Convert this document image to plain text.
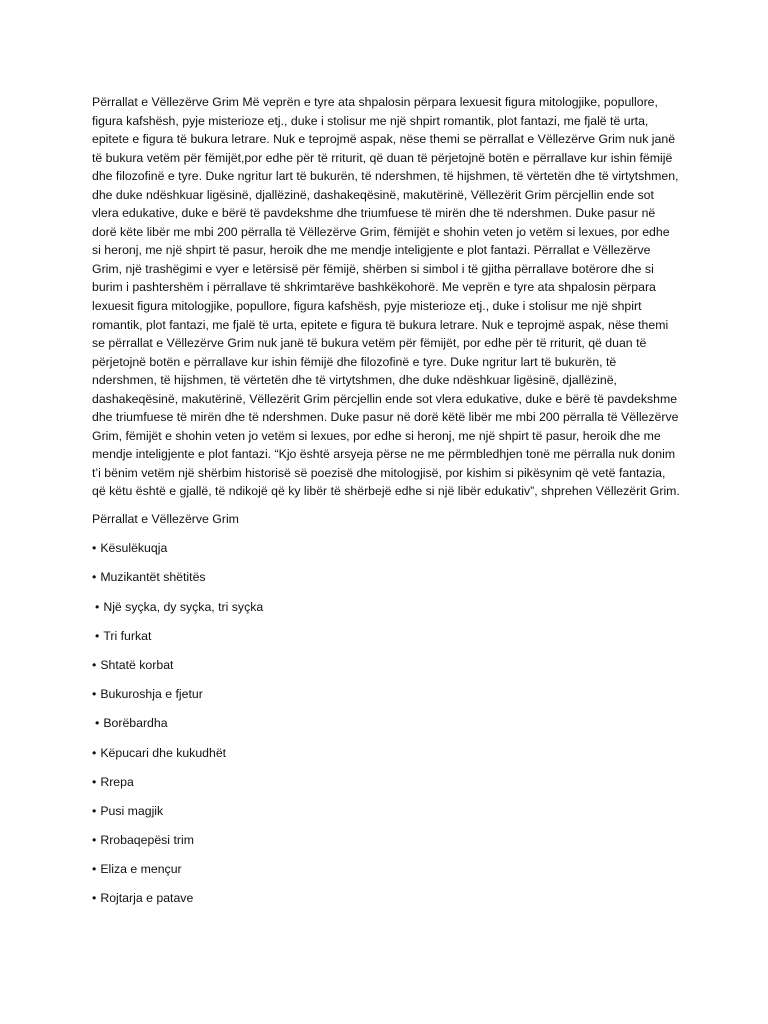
Përrallat e Vëllezërve Grim Më veprën e tyre ata shpalosin përpara lexuesit figura mitologjike, popullore, figura kafshësh, pyje misterioze etj., duke i stolisur me një shpirt romantik, plot fantazi, me fjalë të urta, epitete e figura të bukura letrare. Nuk e teprojmë aspak, nëse themi se përrallat e Vëllezërve Grim nuk janë të bukura vetëm për fëmijët,por edhe për të rriturit, që duan të përjetojnë botën e përrallave kur ishin fëmijë dhe filozofinë e tyre. Duke ngritur lart të bukurën, të ndershmen, të hijshmen, të vërtetën dhe të virtytshmen, dhe duke ndëshkuar ligësinë, djallëzinë, dashakeqësinë, makutërinë, Vëllezërit Grim përcjellin ende sot vlera edukative, duke e bërë të pavdekshme dhe triumfuese të mirën dhe të ndershmen. Duke pasur në dorë këte libër me mbi 200 përralla të Vëllezërve Grim, fëmijët e shohin veten jo vetëm si lexues, por edhe si heronj, me një shpirt të pasur, heroik dhe me mendje inteligjente e plot fantazi. Përrallat e Vëllezërve Grim, një trashëgimi e vyer e letërsisë për fëmijë, shërben si simbol i të gjitha përrallave botërore dhe si burim i pashtershëm i përrallave të shkrimtarëve bashkëkohorë. Me veprën e tyre ata shpalosin përpara lexuesit figura mitologjike, popullore, figura kafshësh, pyje misterioze etj., duke i stolisur me një shpirt romantik, plot fantazi, me fjalë të urta, epitete e figura të bukura letrare. Nuk e teprojmë aspak, nëse themi se përrallat e Vëllezërve Grim nuk janë të bukura vetëm për fëmijët, por edhe për të rriturit, që duan të përjetojnë botën e përrallave kur ishin fëmijë dhe filozofinë e tyre. Duke ngritur lart të bukurën, të ndershmen, të hijshmen, të vërtetën dhe të virtytshmen, dhe duke ndëshkuar ligësinë, djallëzinë, dashakeqësinë, makutërinë, Vëllezërit Grim përcjellin ende sot vlera edukative, duke e bërë të pavdekshme dhe triumfuese të mirën dhe të ndershmen. Duke pasur në dorë këtë libër me mbi 200 përralla të Vëllezërve Grim, fëmijët e shohin veten jo vetëm si lexues, por edhe si heronj, me një shpirt të pasur, heroik dhe me mendje inteligjente e plot fantazi. “Kjo është arsyeja përse ne me përmbledhjen tonë me përralla nuk donim t’i bënim vetëm një shërbim historisë së poezisë dhe mitologjisë, por kishim si pikësynim që vetë fantazia, që këtu është e gjallë, të ndikojë që ky libër të shërbejë edhe si një libër edukativ”, shprehen Vëllezërit Grim.

Përrallat e Vëllezërve Grim

• Kësulëkuqja
• Muzikantët shëtitës
• Një syçka, dy syçka, tri syçka
• Tri furkat
• Shtatë korbat
• Bukuroshja e fjetur
• Borëbardha
• Këpucari dhe kukudhët
• Rrepa
• Pusi magjik
• Rrobaqepësi trim
• Eliza e mençur
• Rojtarja e patave
